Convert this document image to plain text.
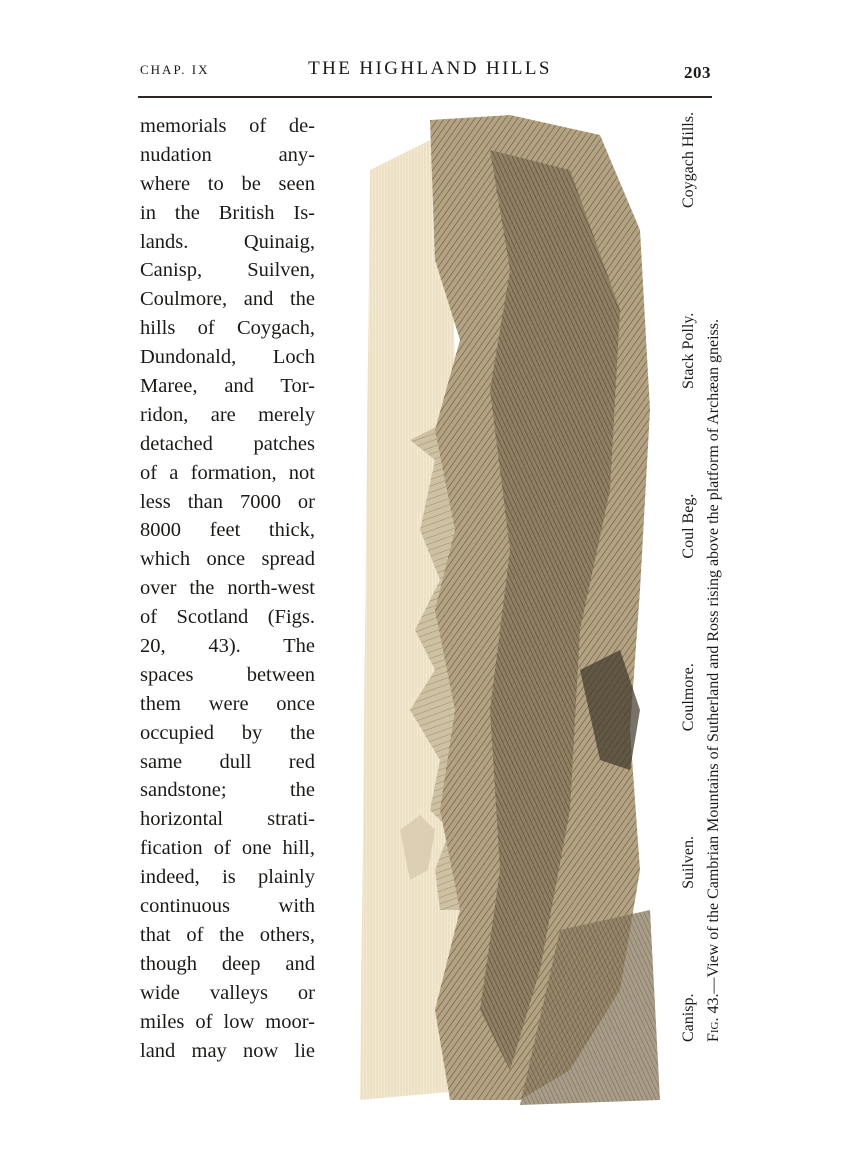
CHAP. IX	THE HIGHLAND HILLS	203
memorials of de-
nudation any-
where to be seen
in the British Is-
lands. Quinaig,
Canisp, Suilven,
Coulmore, and the
hills of Coygach,
Dundonald, Loch
Maree, and Tor-
ridon, are merely
detached patches
of a formation, not
less than 7000 or
8000 feet thick,
which once spread
over the north-west
of Scotland (Figs.
20, 43). The
spaces between
them were once
occupied by the
same dull red
sandstone; the
horizontal strati-
fication of one hill,
indeed, is plainly
continuous with
that of the others,
though deep and
wide valleys or
miles of low moor-
land may now lie
Canisp.
Suilven.
Coulmore.
Coul Beg.
Stack Polly.
Coygach Hills.
Fig. 43.—View of the Cambrian Mountains of Sutherland and Ross rising above the platform of Archæan gneiss.
